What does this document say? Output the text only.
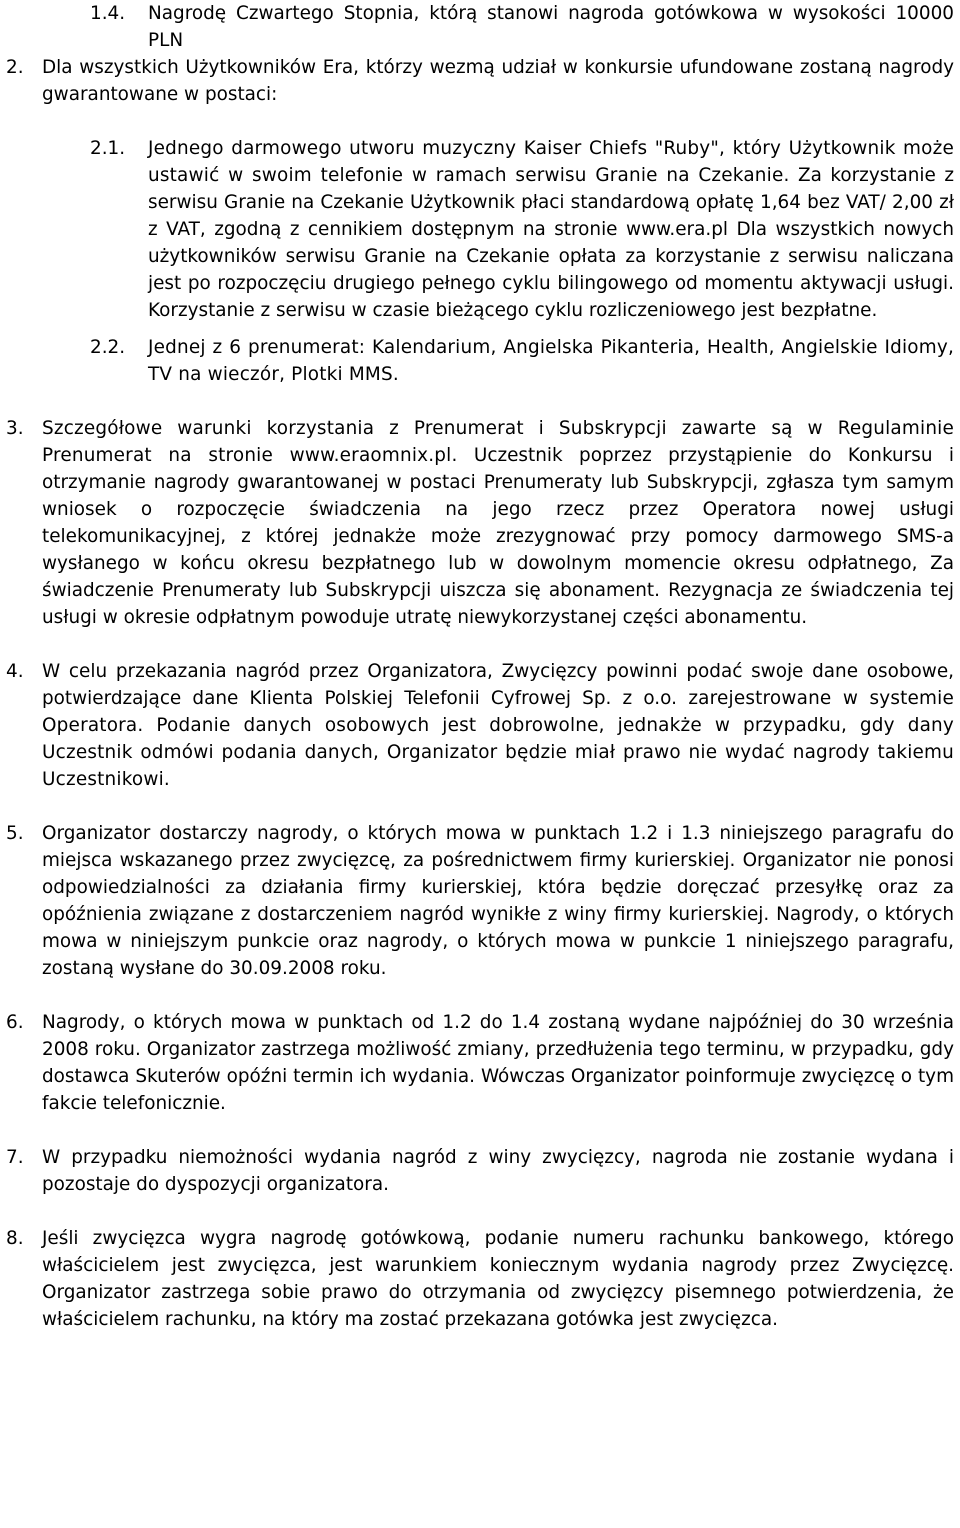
1.4.	Nagrodę Czwartego Stopnia, którą stanowi nagroda gotówkowa w wysokości 10000 PLN
2.	Dla wszystkich Użytkowników Era, którzy wezmą udział w konkursie ufundowane zostaną nagrody gwarantowane w postaci:
2.1.	Jednego darmowego utworu muzyczny Kaiser Chiefs "Ruby", który Użytkownik może ustawić w swoim telefonie w ramach serwisu Granie na Czekanie. Za korzystanie z serwisu Granie na Czekanie Użytkownik płaci standardową opłatę 1,64 bez VAT/ 2,00 zł z VAT, zgodną z cennikiem dostępnym na stronie www.era.pl Dla wszystkich nowych użytkowników serwisu Granie na Czekanie opłata za korzystanie z serwisu naliczana jest po rozpoczęciu drugiego pełnego cyklu bilingowego od momentu aktywacji usługi. Korzystanie z serwisu w czasie bieżącego cyklu rozliczeniowego jest bezpłatne.
2.2.	Jednej z 6 prenumerat: Kalendarium, Angielska Pikanteria, Health, Angielskie Idiomy, TV na wieczór, Plotki MMS.
3.	Szczegółowe warunki korzystania z Prenumerat i Subskrypcji zawarte są w Regulaminie Prenumerat na stronie www.eraomnix.pl. Uczestnik poprzez przystąpienie do Konkursu i otrzymanie nagrody gwarantowanej w postaci Prenumeraty lub Subskrypcji, zgłasza tym samym wniosek o rozpoczęcie świadczenia na jego rzecz przez Operatora nowej usługi telekomunikacyjnej, z której jednakże może zrezygnować przy pomocy darmowego SMS-a wysłanego w końcu okresu bezpłatnego lub w dowolnym momencie okresu odpłatnego, Za świadczenie Prenumeraty lub Subskrypcji uiszcza się abonament. Rezygnacja ze świadczenia tej usługi w okresie odpłatnym powoduje utratę niewykorzystanej części abonamentu.
4.	W celu przekazania nagród przez Organizatora, Zwycięzcy powinni podać swoje dane osobowe, potwierdzające dane Klienta Polskiej Telefonii Cyfrowej Sp. z o.o. zarejestrowane w systemie Operatora. Podanie danych osobowych jest dobrowolne, jednakże w przypadku, gdy dany Uczestnik odmówi podania danych, Organizator będzie miał prawo nie wydać nagrody takiemu Uczestnikowi.
5.	Organizator dostarczy nagrody, o których mowa w punktach 1.2 i 1.3 niniejszego paragrafu do miejsca wskazanego przez zwycięzcę, za pośrednictwem firmy kurierskiej. Organizator nie ponosi odpowiedzialności za działania firmy kurierskiej, która będzie doręczać przesyłkę oraz za opóźnienia związane z dostarczeniem nagród wynikłe z winy firmy kurierskiej. Nagrody, o których mowa w niniejszym punkcie oraz nagrody, o których mowa w punkcie 1 niniejszego paragrafu, zostaną wysłane do 30.09.2008 roku.
6.	Nagrody, o których mowa w punktach od 1.2 do 1.4 zostaną wydane najpóźniej do 30 września 2008 roku. Organizator zastrzega możliwość zmiany, przedłużenia tego terminu, w przypadku, gdy dostawca Skuterów opóźni termin ich wydania. Wówczas Organizator poinformuje zwycięzcę o tym fakcie telefonicznie.
7.	W przypadku niemożności wydania nagród z winy zwycięzcy, nagroda nie zostanie wydana i pozostaje do dyspozycji organizatora.
8.	Jeśli zwycięzca wygra nagrodę gotówkową, podanie numeru rachunku bankowego, którego właścicielem jest zwycięzca, jest warunkiem koniecznym wydania nagrody przez Zwycięzcę. Organizator zastrzega sobie prawo do otrzymania od zwycięzcy pisemnego potwierdzenia, że właścicielem rachunku, na który ma zostać przekazana gotówka jest zwycięzca.
